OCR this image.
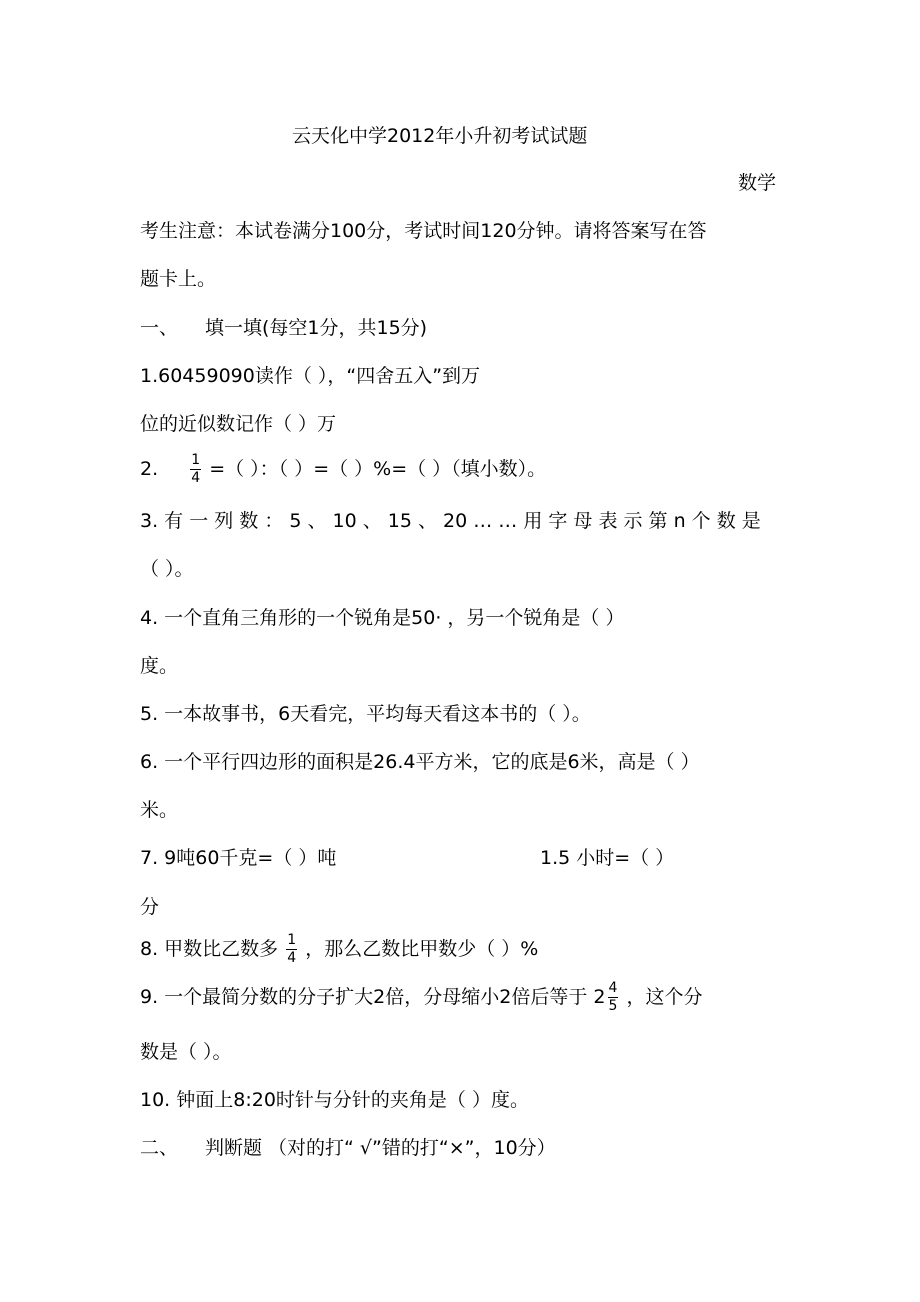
云天化中学2012年小升初考试试题
数学
考生注意：本试卷满分100分，考试时间120分钟。请将答案写在答
题卡上。
一、 填一填(每空1分，共15分)
1.60459090读作（ ），“四舍五入”到万
位的近似数记作（ ）万
2. $\frac{1}{4}$ =（ ）：（ ）=（ ）%=（ ）（填小数）。
3. 有 一 列 数 ： 5 、 10 、 15 、 20 … … 用 字 母 表 示 第 n 个 数 是
（ ）。
4. 一个直角三角形的一个锐角是50· ，另一个锐角是（ ）
度。
5. 一本故事书，6天看完，平均每天看这本书的（ ）。
6. 一个平行四边形的面积是26.4平方米，它的底是6米，高是（ ）
米。
7. 9吨60千克=（ ）吨	1.5 小时=（ ）
分
8. 甲数比乙数多 $\frac{1}{4}$ ，那么乙数比甲数少（ ）%
9. 一个最简分数的分子扩大2倍，分母缩小2倍后等于 $2 \frac{4}{5}$ ，这个分
数是（ ）。
10. 钟面上8:20时针与分针的夹角是（ ）度。
二、 判断题 （对的打“ √”错的打“×”，10分）
